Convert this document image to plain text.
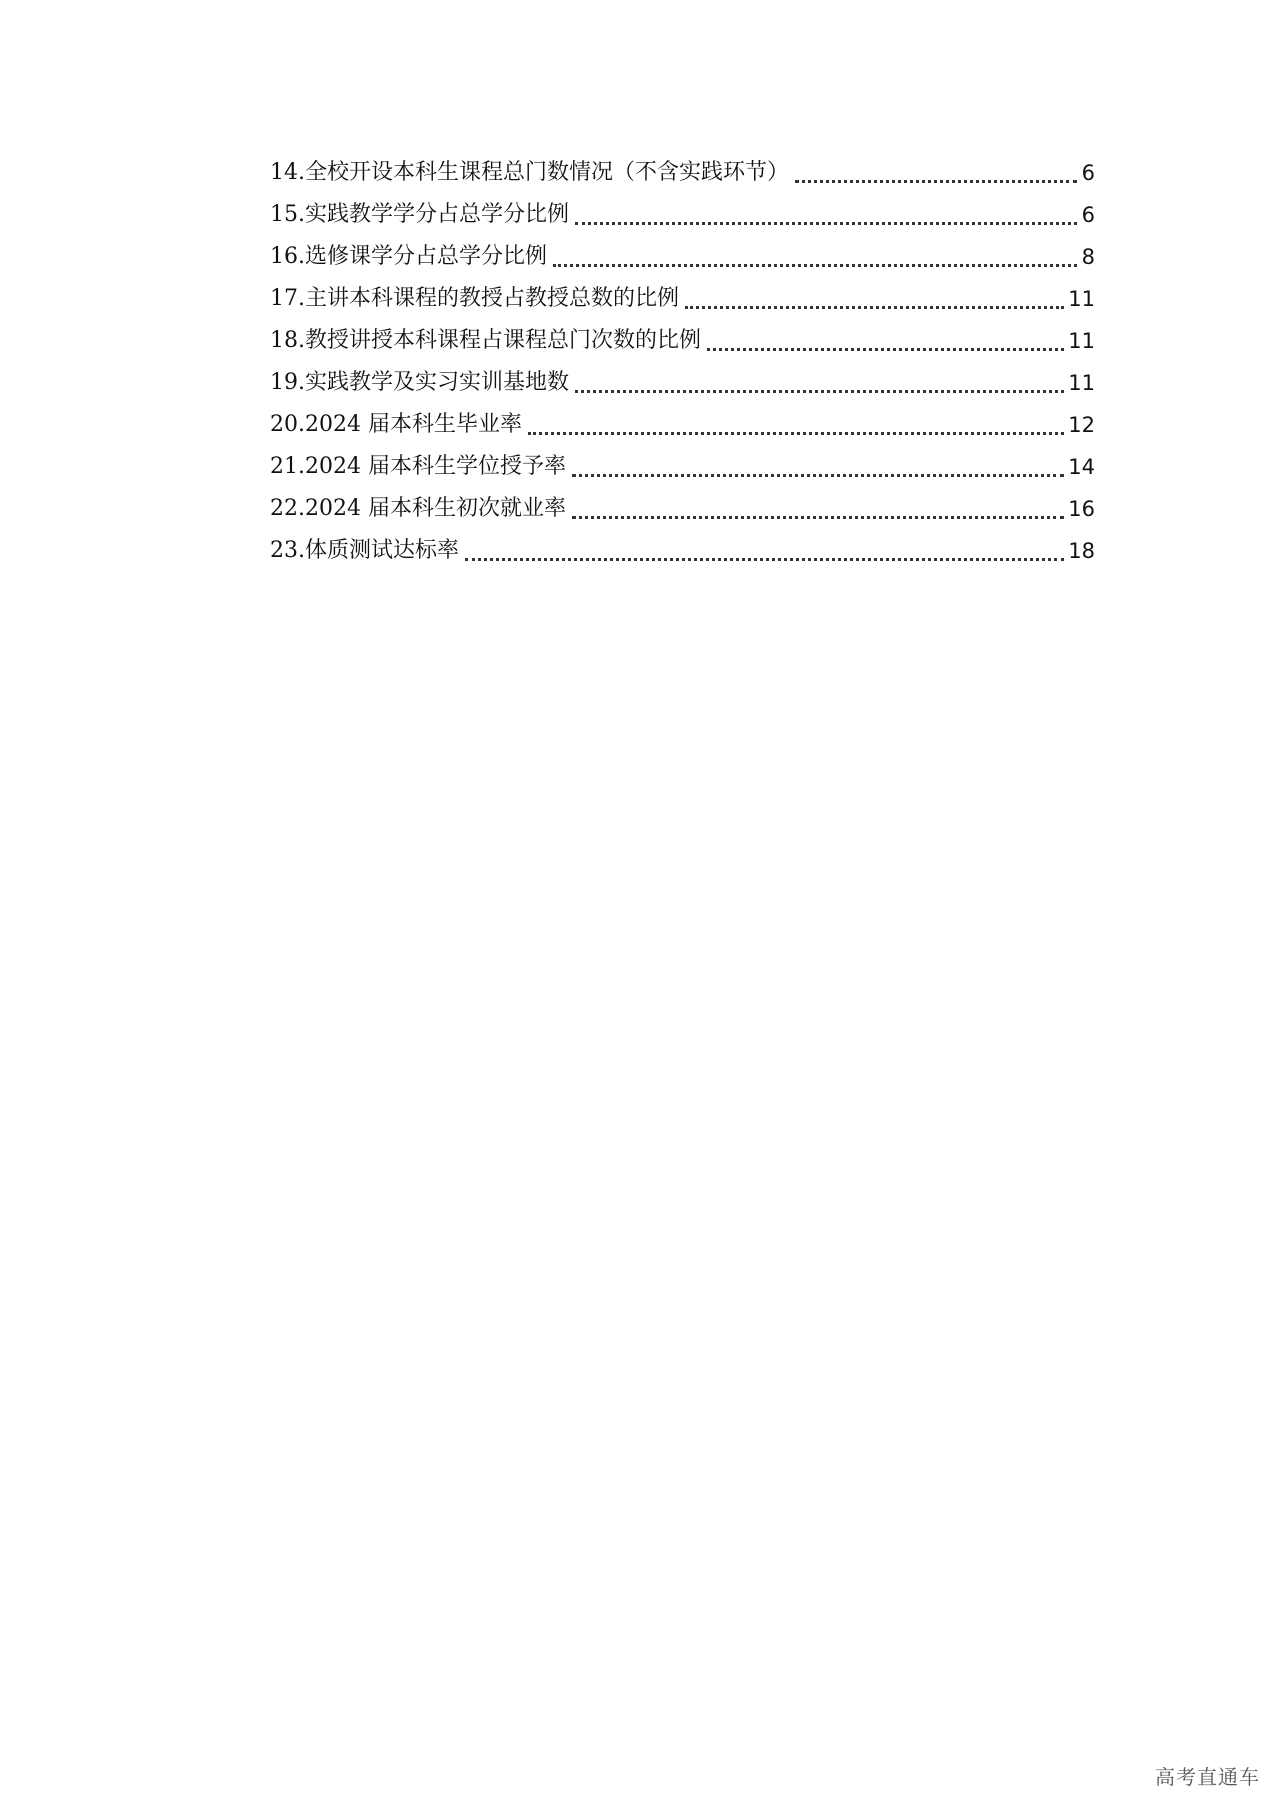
14. 全校开设本科生课程总门数情况（不含实践环节）	6
15. 实践教学学分占总学分比例	6
16. 选修课学分占总学分比例	8
17. 主讲本科课程的教授占教授总数的比例	11
18. 教授讲授本科课程占课程总门次数的比例	11
19. 实践教学及实习实训基地数	11
20. 2024 届本科生毕业率	12
21. 2024 届本科生学位授予率	14
22. 2024 届本科生初次就业率	16
23. 体质测试达标率	18
高考直通车
